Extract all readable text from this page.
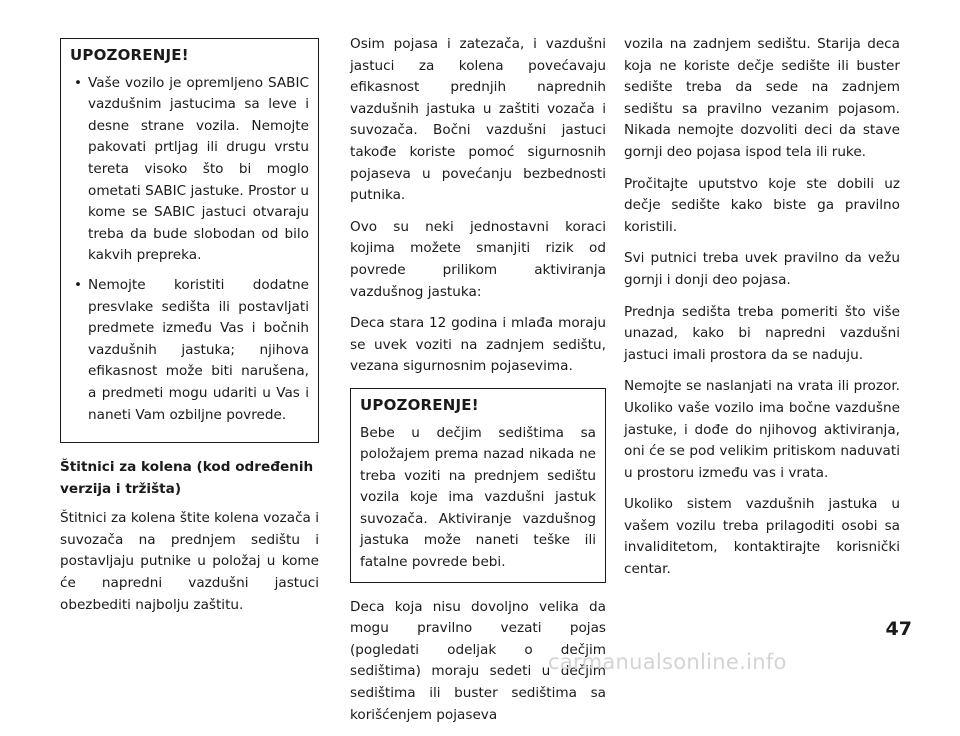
UPOZORENJE!
• Vaše vozilo je opremljeno SABIC vazdušnim jastucima sa leve i desne strane vozila. Nemojte pakovati prtljag ili drugu vrstu tereta visoko što bi moglo ometati SABIC jastuke. Prostor u kome se SABIC jastuci otvaraju treba da bude slobodan od bilo kakvih prepreka.
• Nemojte koristiti dodatne presvlake sedišta ili postavljati predmete između Vas i bočnih vazdušnih jastuka; njihova efikasnost može biti narušena, a predmeti mogu udariti u Vas i naneti Vam ozbiljne povrede.
Štitnici za kolena (kod određenih verzija i tržišta)

Štitnici za kolena štite kolena vozača i suvozača na prednjem sedištu i postavljaju putnike u položaj u kome će napredni vazdušni jastuci obezbediti najbolju zaštitu.

Osim pojasa i zatezača, i vazdušni jastuci za kolena povećavaju efikasnost prednjih naprednih vazdušnih jastuka u zaštiti vozača i suvozača. Bočni vazdušni jastuci takođe koriste pomoć sigurnosnih pojaseva u povećanju bezbednosti putnika.

Ovo su neki jednostavni koraci kojima možete smanjiti rizik od povrede prilikom aktiviranja vazdušnog jastuka:

Deca stara 12 godina i mlađa moraju se uvek voziti na zadnjem sedištu, vezana sigurnosnim pojasevima.

UPOZORENJE!

Bebe u dečjim sedištima sa položajem prema nazad nikada ne treba voziti na prednjem sedištu vozila koje ima vazdušni jastuk suvozača. Aktiviranje vazdušnog jastuka može naneti teške ili fatalne povrede bebi.

Deca koja nisu dovoljno velika da mogu pravilno vezati pojas (pogledati odeljak o dečjim sedištima) moraju sedeti u dečjim sedištima ili buster sedištima sa korišćenjem pojaseva

vozila na zadnjem sedištu. Starija deca koja ne koriste dečje sedište ili buster sedište treba da sede na zadnjem sedištu sa pravilno vezanim pojasom. Nikada nemojte dozvoliti deci da stave gornji deo pojasa ispod tela ili ruke.

Pročitajte uputstvo koje ste dobili uz dečje sedište kako biste ga pravilno koristili.

Svi putnici treba uvek pravilno da vežu gornji i donji deo pojasa.

Prednja sedišta treba pomeriti što više unazad, kako bi napredni vazdušni jastuci imali prostora da se naduju.

Nemojte se naslanjati na vrata ili prozor. Ukoliko vaše vozilo ima bočne vazdušne jastuke, i dođe do njihovog aktiviranja, oni će se pod velikim pritiskom naduvati u prostoru između vas i vrata.

Ukoliko sistem vazdušnih jastuka u vašem vozilu treba prilagoditi osobi sa invaliditetom, kontaktirajte korisnički centar.

47
carmanualsonline.info
